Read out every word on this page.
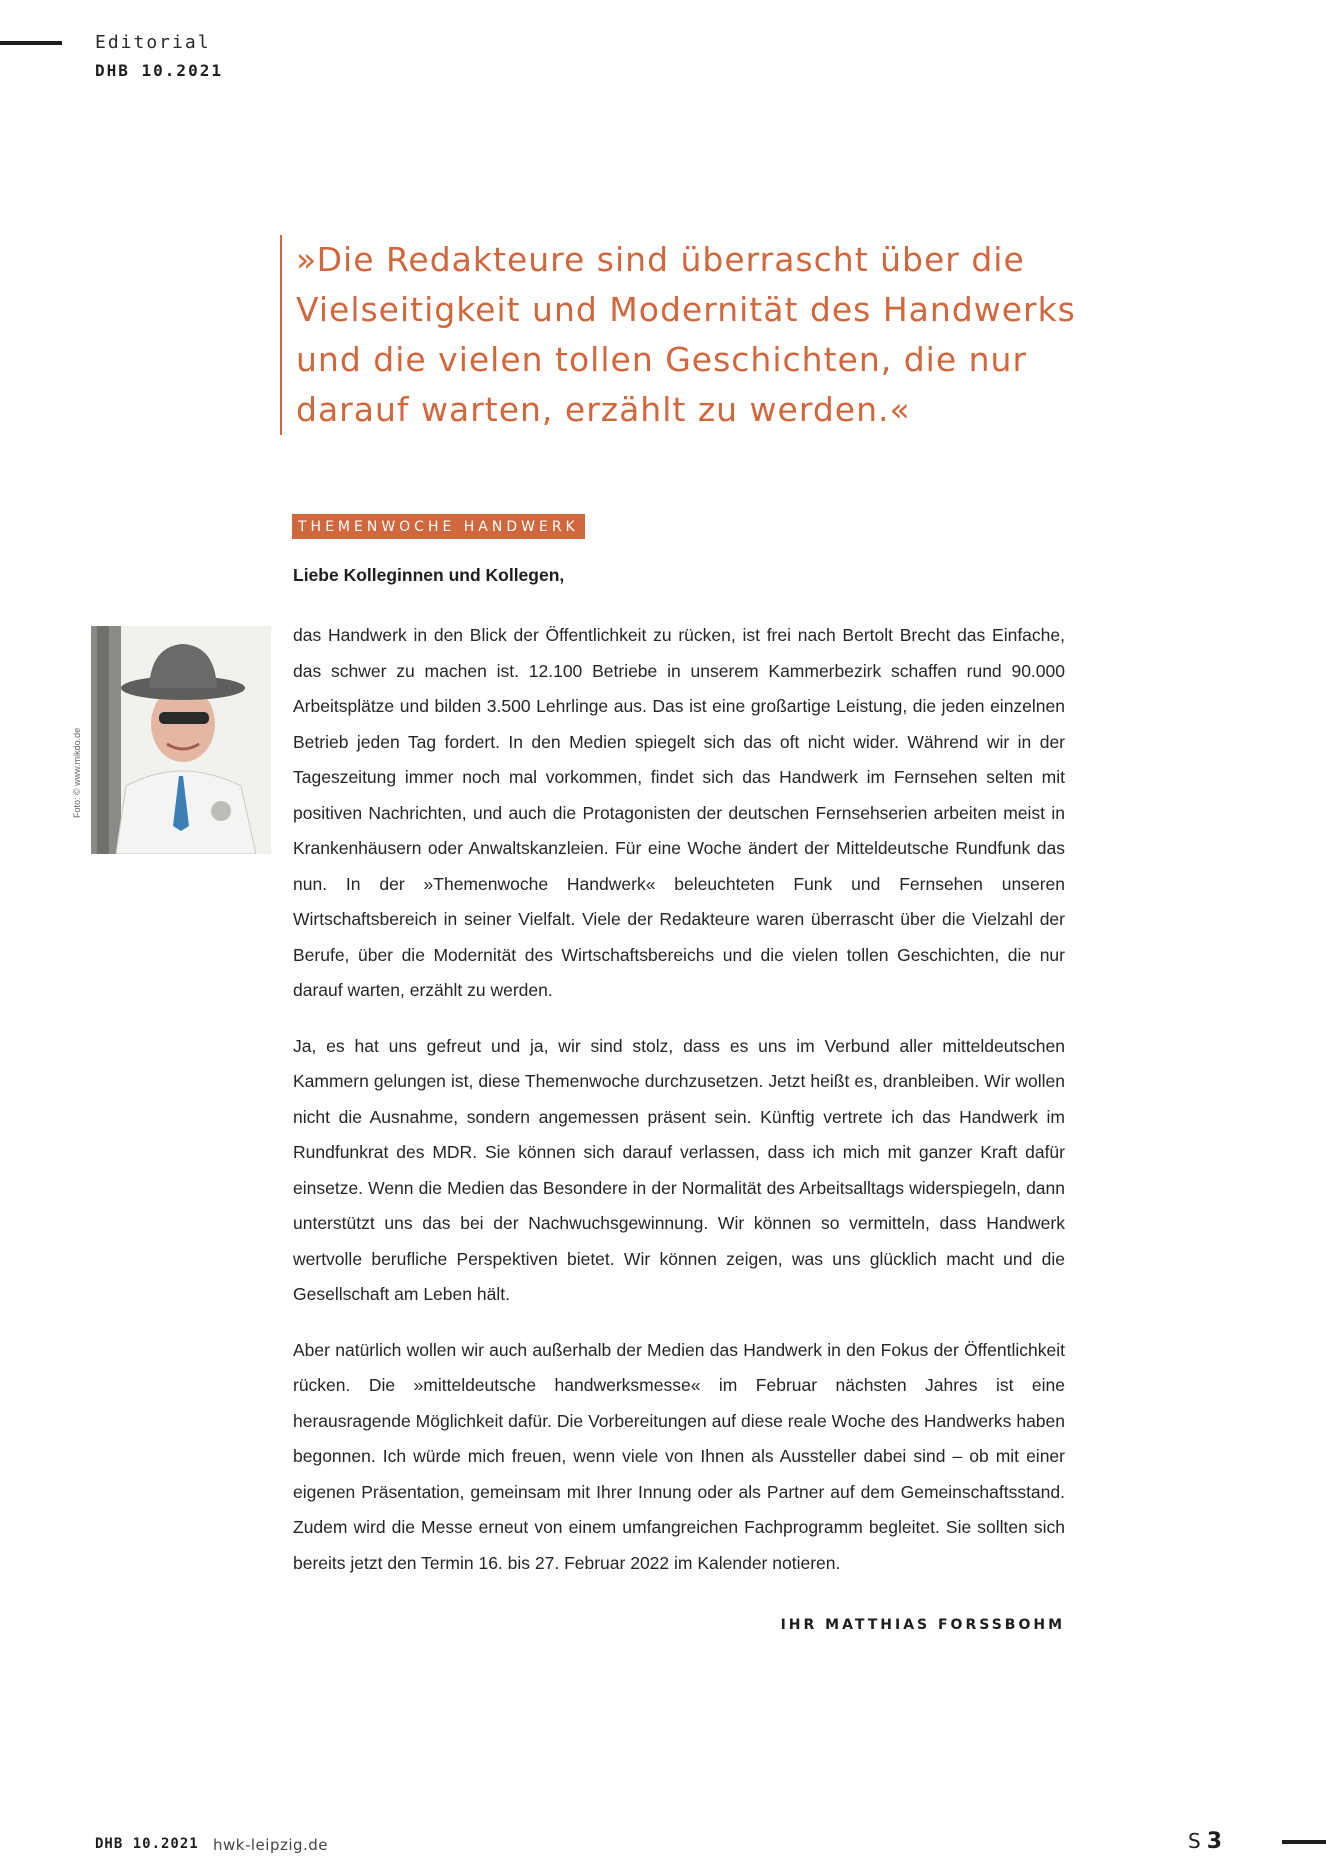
Editorial
DHB 10.2021

»Die Redakteure sind überrascht über die

Vielseitigkeit und Modernität des Handwerks

und die vielen tollen Geschichten, die nur

darauf warten, erzählt zu werden.«

THEMENWOCHE HANDWERK
Liebe Kolleginnen und Kollegen,
Foto: © www.mikdo.de

das Handwerk in den Blick der Öffentlichkeit zu rücken, ist frei nach Bertolt Brecht das Einfache, das schwer zu machen ist. 12.100 Betriebe in unserem Kammerbezirk schaffen rund 90.000 Arbeitsplätze und bilden 3.500 Lehrlinge aus. Das ist eine großartige Leistung, die jeden einzelnen Betrieb jeden Tag fordert. In den Medien spiegelt sich das oft nicht wider. Während wir in der Tageszeitung immer noch mal vorkommen, findet sich das Handwerk im Fernsehen selten mit positiven Nachrichten, und auch die Protagonisten der deutschen Fernsehserien arbeiten meist in Krankenhäusern oder Anwaltskanzleien. Für eine Woche ändert der Mitteldeutsche Rundfunk das nun. In der »Themenwoche Handwerk« beleuchteten Funk und Fernsehen unseren Wirtschaftsbereich in seiner Vielfalt. Viele der Redakteure waren überrascht über die Vielzahl der Berufe, über die Modernität des Wirtschaftsbereichs und die vielen tollen Geschichten, die nur darauf warten, erzählt zu werden.

Ja, es hat uns gefreut und ja, wir sind stolz, dass es uns im Verbund aller mitteldeutschen Kammern gelungen ist, diese Themenwoche durchzusetzen. Jetzt heißt es, dranbleiben. Wir wollen nicht die Ausnahme, sondern angemessen präsent sein. Künftig vertrete ich das Handwerk im Rundfunkrat des MDR. Sie können sich darauf verlassen, dass ich mich mit ganzer Kraft dafür einsetze. Wenn die Medien das Besondere in der Normalität des Arbeitsalltags widerspiegeln, dann unterstützt uns das bei der Nachwuchsgewinnung. Wir können so vermitteln, dass Handwerk wertvolle berufliche Perspektiven bietet. Wir können zeigen, was uns glücklich macht und die Gesellschaft am Leben hält.

Aber natürlich wollen wir auch außerhalb der Medien das Handwerk in den Fokus der Öffentlichkeit rücken. Die »mitteldeutsche handwerksmesse« im Februar nächsten Jahres ist eine herausragende Möglichkeit dafür. Die Vorbereitungen auf diese reale Woche des Handwerks haben begonnen. Ich würde mich freuen, wenn viele von Ihnen als Aussteller dabei sind – ob mit einer eigenen Präsentation, gemeinsam mit Ihrer Innung oder als Partner auf dem Gemeinschaftsstand. Zudem wird die Messe erneut von einem umfangreichen Fachprogramm begleitet. Sie sollten sich bereits jetzt den Termin 16. bis 27. Februar 2022 im Kalender notieren.

IHR MATTHIAS FORSSBOHM
DHB 10.2021 hwk-leipzig.de	S3
